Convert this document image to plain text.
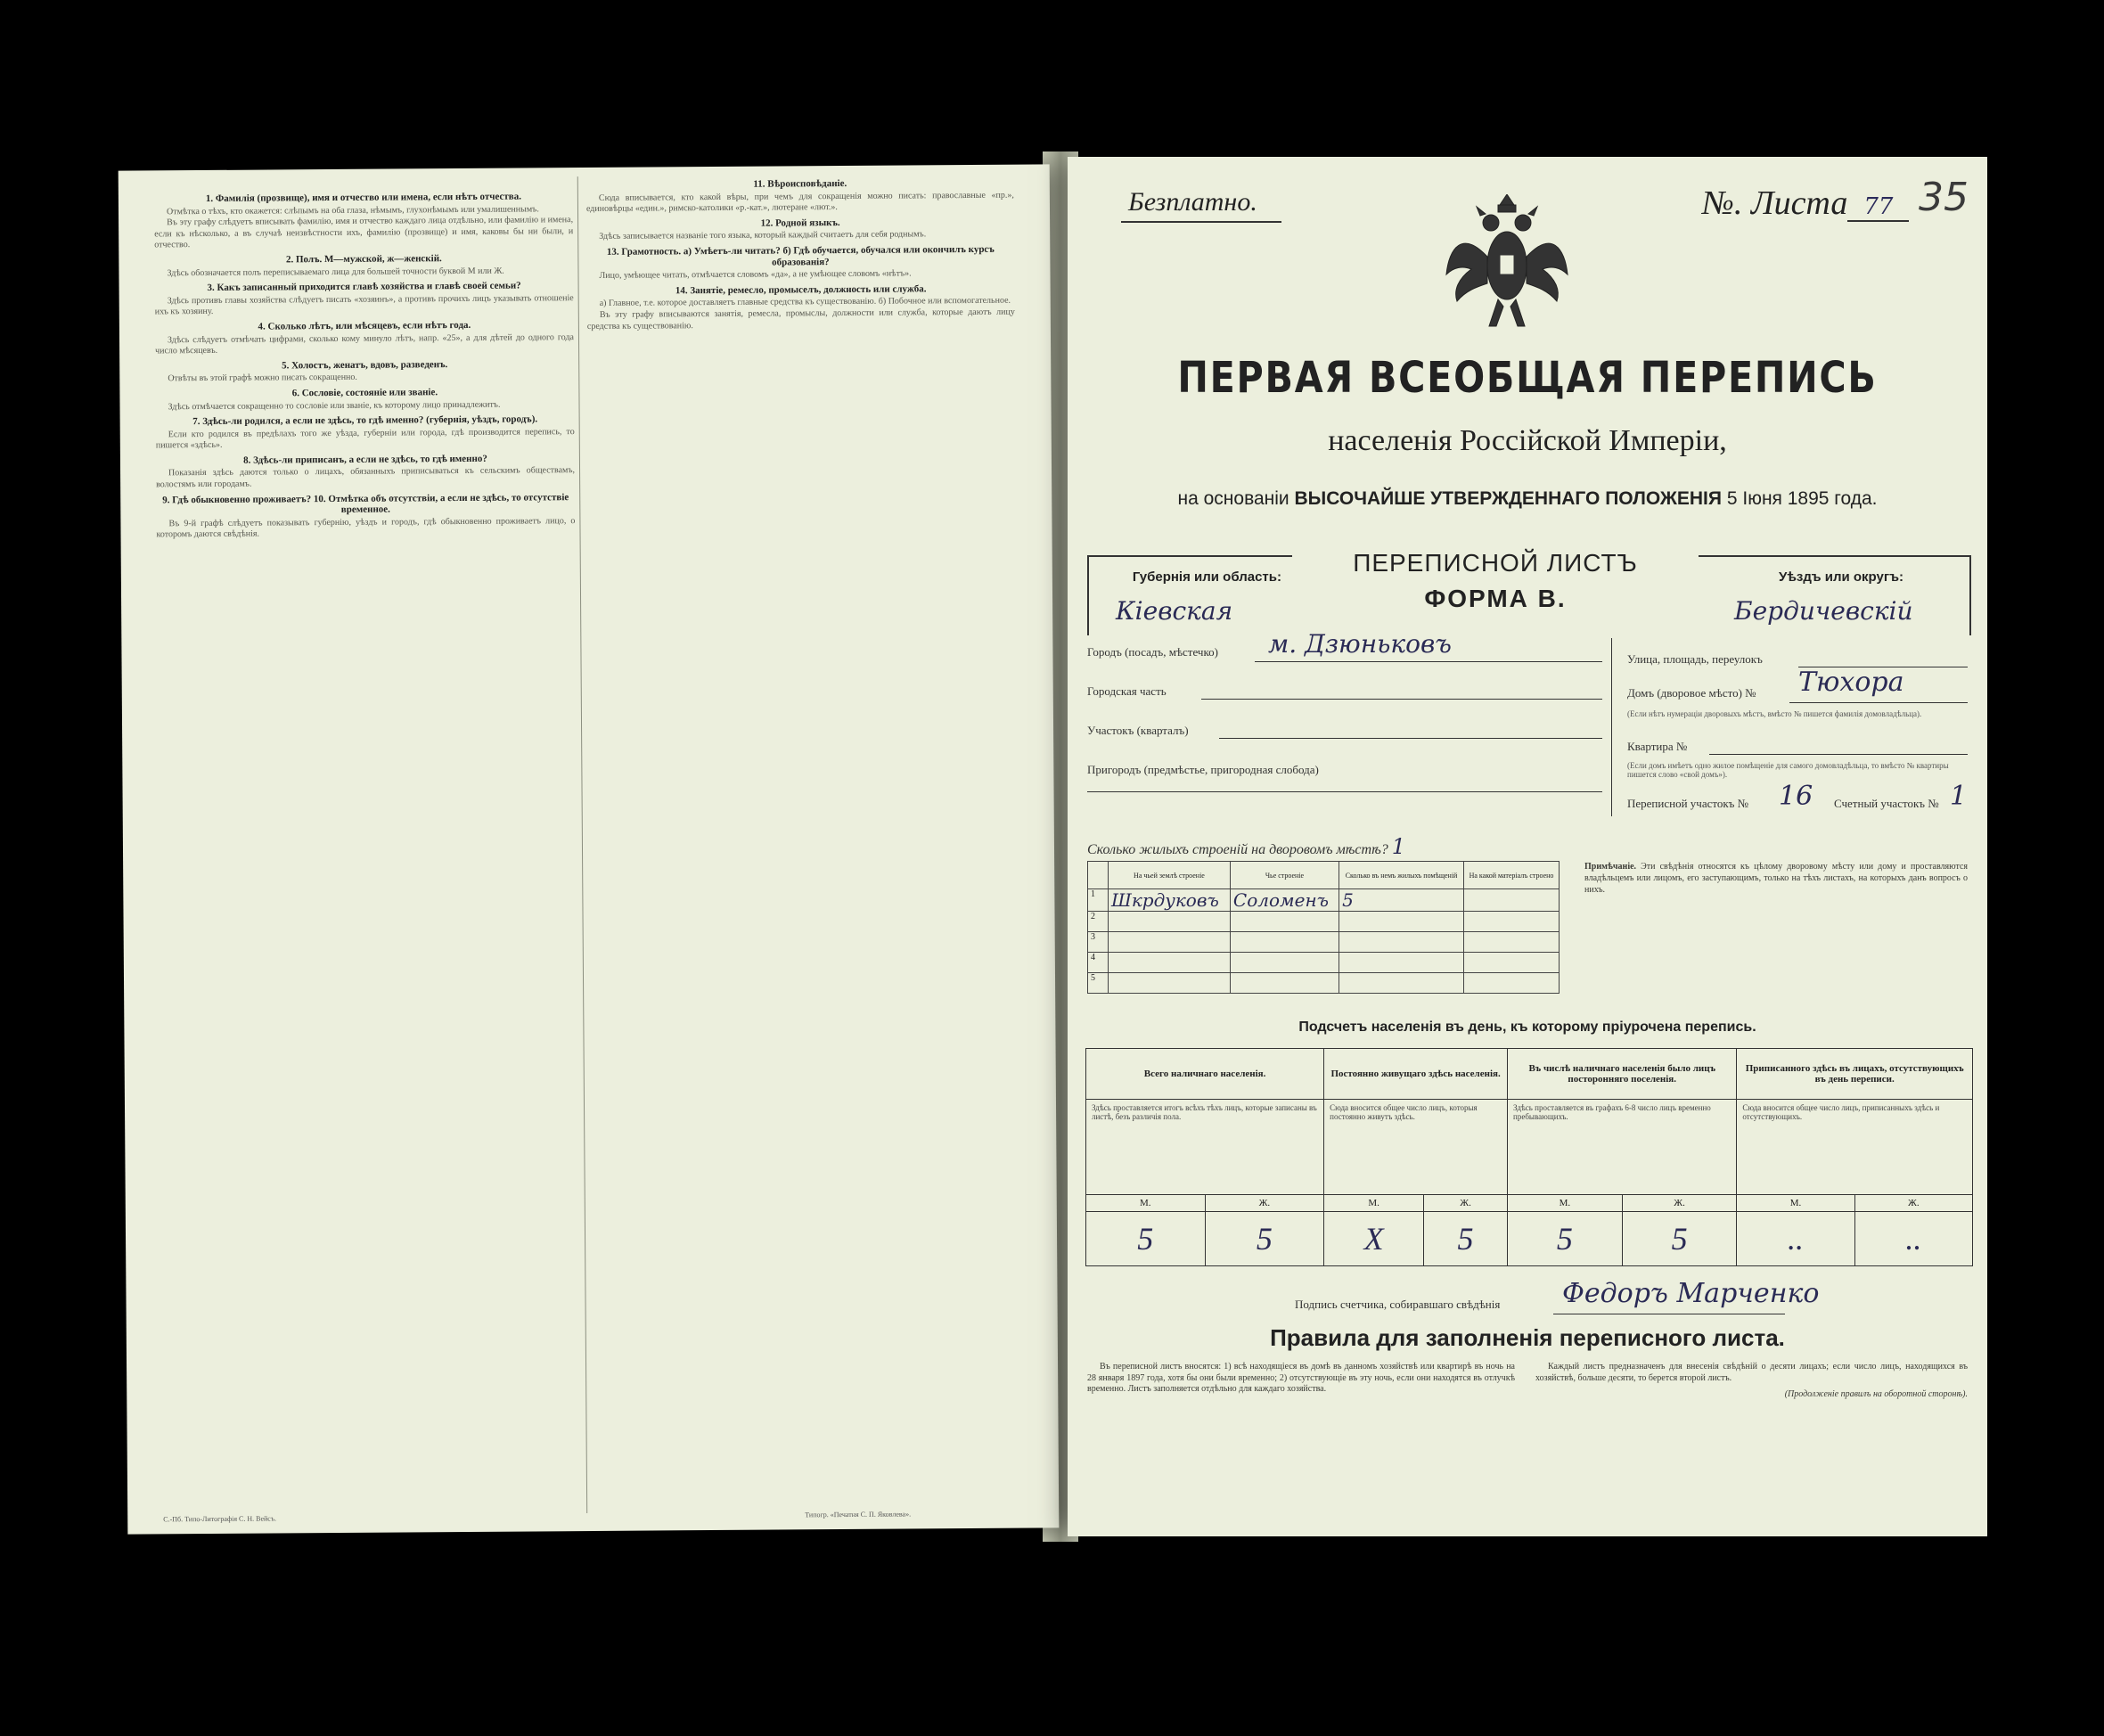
1. Фамилія (прозвище), имя и отчество или имена, если нѣтъ отчества.

Отмѣтка о тѣхъ, кто окажется: слѣпымъ на оба глаза, нѣмымъ, глухонѣмымъ или умалишеннымъ.

Въ эту графу слѣдуетъ вписывать фамилію, имя и отчество каждаго лица отдѣльно, или фамилію и имена, если къ нѣсколько, а въ случаѣ неизвѣстности ихъ, фамилію (прозвище) и имя, каковы бы ни были, и отчество.

2. Полъ. М—мужской, ж—женскій.

Здѣсь обозначается полъ переписываемаго лица для большей точности буквой М или Ж.

3. Какъ записанный приходится главѣ хозяйства и главѣ своей семьи?

Здѣсь противъ главы хозяйства слѣдуетъ писать «хозяинъ», а противъ прочихъ лицъ указывать отношеніе ихъ къ хозяину.

4. Сколько лѣтъ, или мѣсяцевъ, если нѣтъ года.

Здѣсь слѣдуетъ отмѣчать цифрами, сколько кому минуло лѣтъ, напр. «25», а для дѣтей до одного года число мѣсяцевъ.

5. Холостъ, женатъ, вдовъ, разведенъ.

Отвѣты въ этой графѣ можно писать сокращенно.

6. Сословіе, состояніе или званіе.

Здѣсь отмѣчается сокращенно то сословіе или званіе, къ которому лицо принадлежитъ.

7. Здѣсь-ли родился, а если не здѣсь, то гдѣ именно? (губернія, уѣздъ, городъ).

Если кто родился въ предѣлахъ того же уѣзда, губерніи или города, гдѣ производится перепись, то пишется «здѣсь».

8. Здѣсь-ли приписанъ, а если не здѣсь, то гдѣ именно?

Показанія здѣсь даются только о лицахъ, обязанныхъ приписываться къ сельскимъ обществамъ, волостямъ или городамъ.

9. Гдѣ обыкновенно проживаетъ? 10. Отмѣтка объ отсутствіи, а если не здѣсь, то отсутствіе временное.

Въ 9-й графѣ слѣдуетъ показывать губернію, уѣздъ и городъ, гдѣ обыкновенно проживаетъ лицо, о которомъ даются свѣдѣнія.

11. Вѣроисповѣданіе.

Сюда вписывается, кто какой вѣры, при чемъ для сокращенія можно писать: православные «пр.», единовѣрцы «един.», римско-католики «р.-кат.», лютеране «лют.».

12. Родной языкъ.

Здѣсь записывается названіе того языка, который каждый считаетъ для себя роднымъ.

13. Грамотность. а) Умѣетъ-ли читать? б) Гдѣ обучается, обучался или окончилъ курсъ образованія?

Лицо, умѣющее читать, отмѣчается словомъ «да», а не умѣющее словомъ «нѣтъ».

14. Занятіе, ремесло, промыселъ, должность или служба.

а) Главное, т.е. которое доставляетъ главные средства къ существованію. б) Побочное или вспомогательное.

Въ эту графу вписываются занятія, ремесла, промыслы, должности или служба, которые даютъ лицу средства къ существованію.

С.-Пб. Типо-Литографія С. Н. Вейсъ.
Типогр. «Печатня С. П. Яковлева».
Безплатно.	№. Листа 77 35
ПЕРВАЯ ВСЕОБЩАЯ ПЕРЕПИСЬ
населенія Россійской Имперіи,
на основаніи ВЫСОЧАЙШЕ УТВЕРЖДЕННАГО ПОЛОЖЕНІЯ 5 Іюня 1895 года.
Губернія или область:
Кіевская
ПЕРЕПИСНОЙ ЛИСТЪ
ФОРМА В.
Уѣздъ или округъ:
Бердичевскій
Городъ (посадъ, мѣстечко) м. Дзюньковъ
Городская часть
Участокъ (кварталъ)
Пригородъ (предмѣстье, пригородная слобода)
Улица, площадь, переулокъ
Домъ (дворовое мѣсто) № Тюхора
(Если нѣтъ нумераціи дворовыхъ мѣстъ, вмѣсто № пишется фамилія домовладѣльца).
Квартира №
(Если домъ имѣетъ одно жилое помѣщеніе для самого домовладѣльца, то вмѣсто № квартиры пишется слово «свой домъ»).
Переписной участокъ № 16 Счетный участокъ № 1
Сколько жилыхъ строеній на дворовомъ мѣстѣ? 1
	На чьей землѣ строеніе	Чье строеніе	Сколько въ немъ жилыхъ помѣщеній	На какой матеріалъ строено
1	Шкрдуковъ	Соломенъ	5	
2				
3				
4				
5				
Примѣчаніе. Эти свѣдѣнія относятся къ цѣлому дворовому мѣсту или дому и проставляются владѣльцемъ или лицомъ, его заступающимъ, только на тѣхъ листахъ, на которыхъ данъ вопросъ о нихъ.
Подсчетъ населенія въ день, къ которому пріурочена перепись.
Всего наличнаго населенія.		Постоянно живущаго здѣсь населенія.		Въ числѣ наличнаго населенія было лицъ посторонняго поселенія.		Приписанного здѣсь въ лицахъ, отсутствующихъ въ день переписи.	
Здѣсь проставляется итогъ всѣхъ тѣхъ лицъ, которые записаны въ листѣ, безъ различія пола.		Сюда вносится общее число лицъ, которыя постоянно живутъ здѣсь.		Здѣсь проставляется въ графахъ 6-8 число лицъ временно пребывающихъ.		Сюда вносится общее число лицъ, приписанныхъ здѣсь и отсутствующихъ.	
М.	Ж.	М.	Ж.	М.	Ж.	М.	Ж.
5	5	Х	5	5	5	..	..
Подпись счетчика, собиравшаго свѣдѣнія Федоръ Марченко
Правила для заполненія переписного листа.

Въ переписной листъ вносятся: 1) всѣ находящіеся въ домѣ въ данномъ хозяйствѣ или квартирѣ въ ночь на 28 января 1897 года, хотя бы они были временно; 2) отсутствующіе въ эту ночь, если они находятся въ отлучкѣ временно. Листъ заполняется отдѣльно для каждаго хозяйства.

Каждый листъ предназначенъ для внесенія свѣдѣній о десяти лицахъ; если число лицъ, находящихся въ хозяйствѣ, больше десяти, то берется второй листъ.

(Продолженіе правилъ на оборотной сторонѣ).
